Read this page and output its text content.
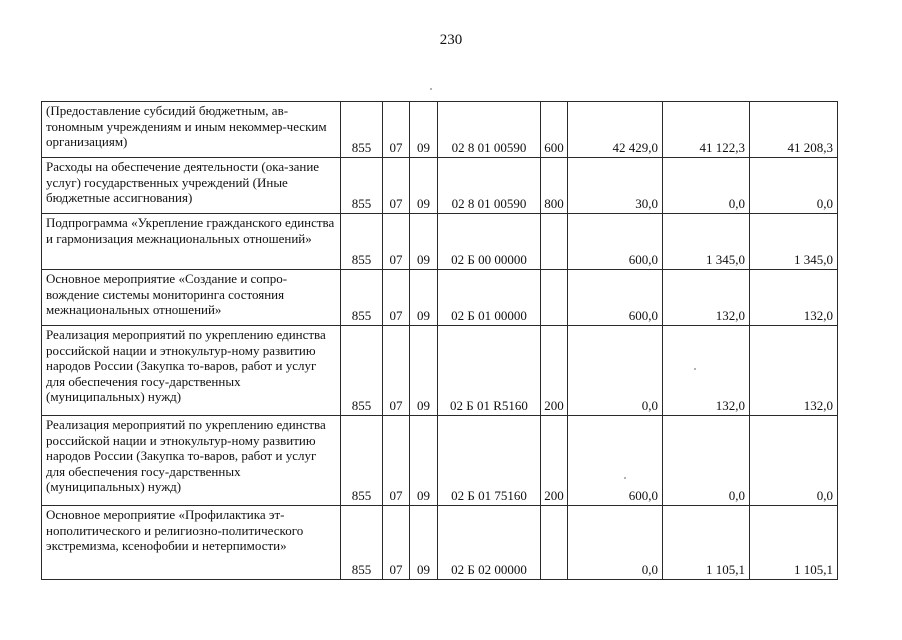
230
(Предоставление субсидий бюджетным, ав-тономным учреждениям и иным некоммер-ческим организациям)	855	07	09	02 8 01 00590	600	42 429,0	41 122,3	41 208,3
Расходы на обеспечение деятельности (ока-зание услуг) государственных учреждений (Иные бюджетные ассигнования)	855	07	09	02 8 01 00590	800	30,0	0,0	0,0
Подпрограмма «Укрепление гражданского единства и гармонизация межнациональных отношений»	855	07	09	02 Б 00 00000		600,0	1 345,0	1 345,0
Основное мероприятие «Создание и сопро-вождение системы мониторинга состояния межнациональных отношений»	855	07	09	02 Б 01 00000		600,0	132,0	132,0
Реализация мероприятий по укреплению единства российской нации и этнокультур-ному развитию народов России (Закупка то-варов, работ и услуг для обеспечения госу-дарственных (муниципальных) нужд)	855	07	09	02 Б 01 R5160	200	0,0	132,0	132,0
Реализация мероприятий по укреплению единства российской нации и этнокультур-ному развитию народов России (Закупка то-варов, работ и услуг для обеспечения госу-дарственных (муниципальных) нужд)	855	07	09	02 Б 01 75160	200	600,0	0,0	0,0
Основное мероприятие «Профилактика эт-нополитического и религиозно-политического экстремизма, ксенофобии и нетерпимости»	855	07	09	02 Б 02 00000		0,0	1 105,1	1 105,1
